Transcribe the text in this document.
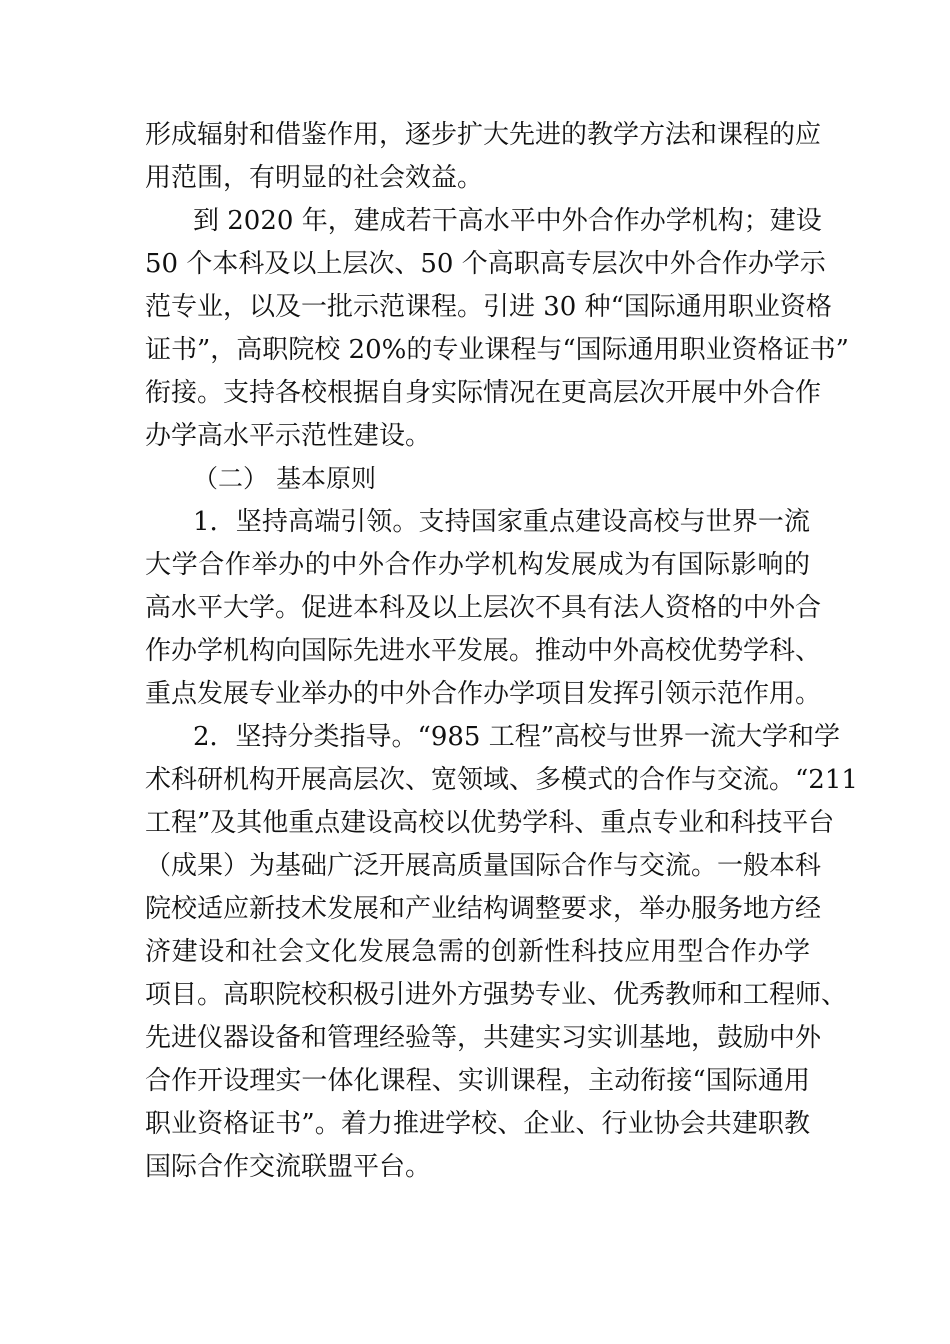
形成辐射和借鉴作用，逐步扩大先进的教学方法和课程的应
用范围，有明显的社会效益。
到 2020 年，建成若干高水平中外合作办学机构；建设
50 个本科及以上层次、50 个高职高专层次中外合作办学示
范专业，以及一批示范课程。引进 30 种“国际通用职业资格
证书”，高职院校 20%的专业课程与“国际通用职业资格证书”
衔接。支持各校根据自身实际情况在更高层次开展中外合作
办学高水平示范性建设。
（二） 基本原则
1．坚持高端引领。支持国家重点建设高校与世界一流
大学合作举办的中外合作办学机构发展成为有国际影响的
高水平大学。促进本科及以上层次不具有法人资格的中外合
作办学机构向国际先进水平发展。推动中外高校优势学科、
重点发展专业举办的中外合作办学项目发挥引领示范作用。
2．坚持分类指导。“985 工程”高校与世界一流大学和学
术科研机构开展高层次、宽领域、多模式的合作与交流。“211
工程”及其他重点建设高校以优势学科、重点专业和科技平台
（成果）为基础广泛开展高质量国际合作与交流。一般本科
院校适应新技术发展和产业结构调整要求，举办服务地方经
济建设和社会文化发展急需的创新性科技应用型合作办学
项目。高职院校积极引进外方强势专业、优秀教师和工程师、
先进仪器设备和管理经验等，共建实习实训基地，鼓励中外
合作开设理实一体化课程、实训课程，主动衔接“国际通用
职业资格证书”。着力推进学校、企业、行业协会共建职教
国际合作交流联盟平台。
